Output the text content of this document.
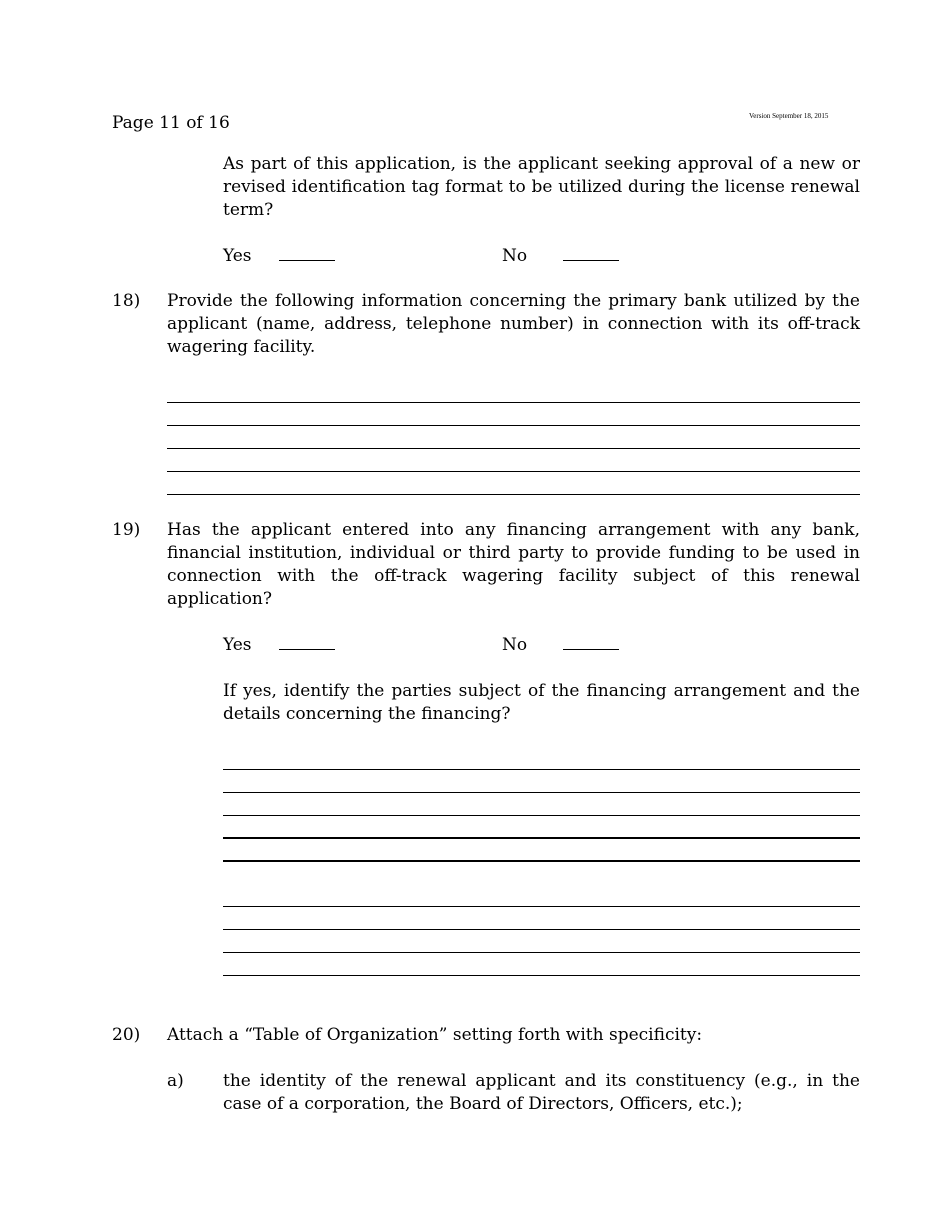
Page 11 of 16	Version September 18, 2015
As part of this application, is the applicant seeking approval of a new or revised identification tag format to be utilized during the license renewal term?
Yes	No
18) Provide the following information concerning the primary bank utilized by the applicant (name, address, telephone number) in connection with its off-track wagering facility.
19) Has the applicant entered into any financing arrangement with any bank, financial institution, individual or third party to provide funding to be used in connection with the off-track wagering facility subject of this renewal application?
Yes	No
If yes, identify the parties subject of the financing arrangement and the details concerning the financing?
20) Attach a “Table of Organization” setting forth with specificity:
a) the identity of the renewal applicant and its constituency (e.g., in the case of a corporation, the Board of Directors, Officers, etc.);
